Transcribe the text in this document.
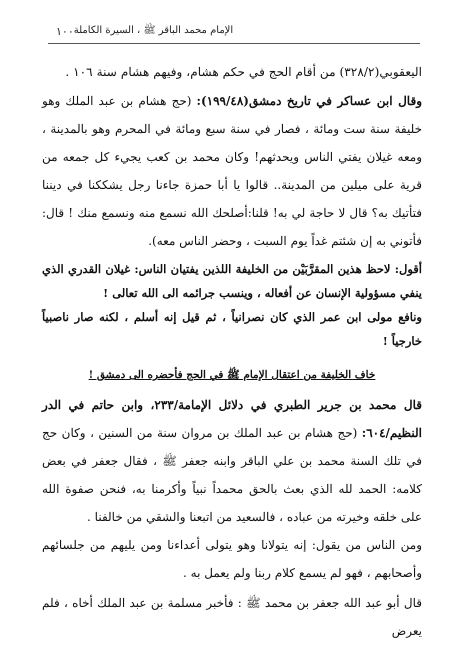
١٠٠ الإمام محمد الباقر ﷺ ، السيرة الكاملة

اليعقوبي(٣٢٨/٢) من أقام الحج في حكم هشام، وفيهم هشام سنة ١٠٦ .

وقال ابن عساكر في تاريخ دمشق(١٩٩/٤٨): (حج هشام بن عبد الملك وهو خليفة سنة ست ومائة ، فصار في سنة سبع ومائة في المحرم وهو بالمدينة ، ومعه غيلان يفتي الناس ويحدثهم! وكان محمد بن كعب يجيء كل جمعه من قرية على ميلين من المدينة.. قالوا يا أبا حمزة جاءنا رجل يشككنا في ديننا فتأتيك به؟ قال لا حاجة لي به! قلنا:أصلحك الله نسمع منه ونسمع منك ! قال: فأتوني به إن شئتم غداً يوم السبت ، وحضر الناس معه).

أقول: لاحظ هذين المقرَّبَيْن من الخليفة اللذين يفتيان الناس: غيلان القدري الذي ينفي مسؤولية الإنسان عن أفعاله ، وينسب جرائمه الى الله تعالى !

ونافع مولى ابن عمر الذي كان نصرانياً ، ثم قيل إنه أسلم ، لكنه صار ناصبياً خارجياً !

خاف الخليفة من اعتقال الإمام ﷺ في الحج فأحضره الى دمشق !

قال محمد بن جرير الطبري في دلائل الإمامة/٢٣٣، وابن حاتم في الدر النظيم/٦٠٤: (حج هشام بن عبد الملك بن مروان سنة من السنين ، وكان حج في تلك السنة محمد بن علي الباقر وابنه جعفر ﷺ ، فقال جعفر في بعض كلامه: الحمد لله الذي بعث بالحق محمداً نبياً وأكرمنا به، فنحن صفوة الله على خلقه وخيرته من عباده ، فالسعيد من اتبعنا والشقي من خالفنا .

ومن الناس من يقول: إنه يتولانا وهو يتولى أعداءنا ومن يليهم من جلسائهم وأصحابهم ، فهو لم يسمع كلام ربنا ولم يعمل به .

قال أبو عبد الله جعفر بن محمد ﷺ : فأخبر مسلمة بن عبد الملك أخاه ، فلم يعرض
